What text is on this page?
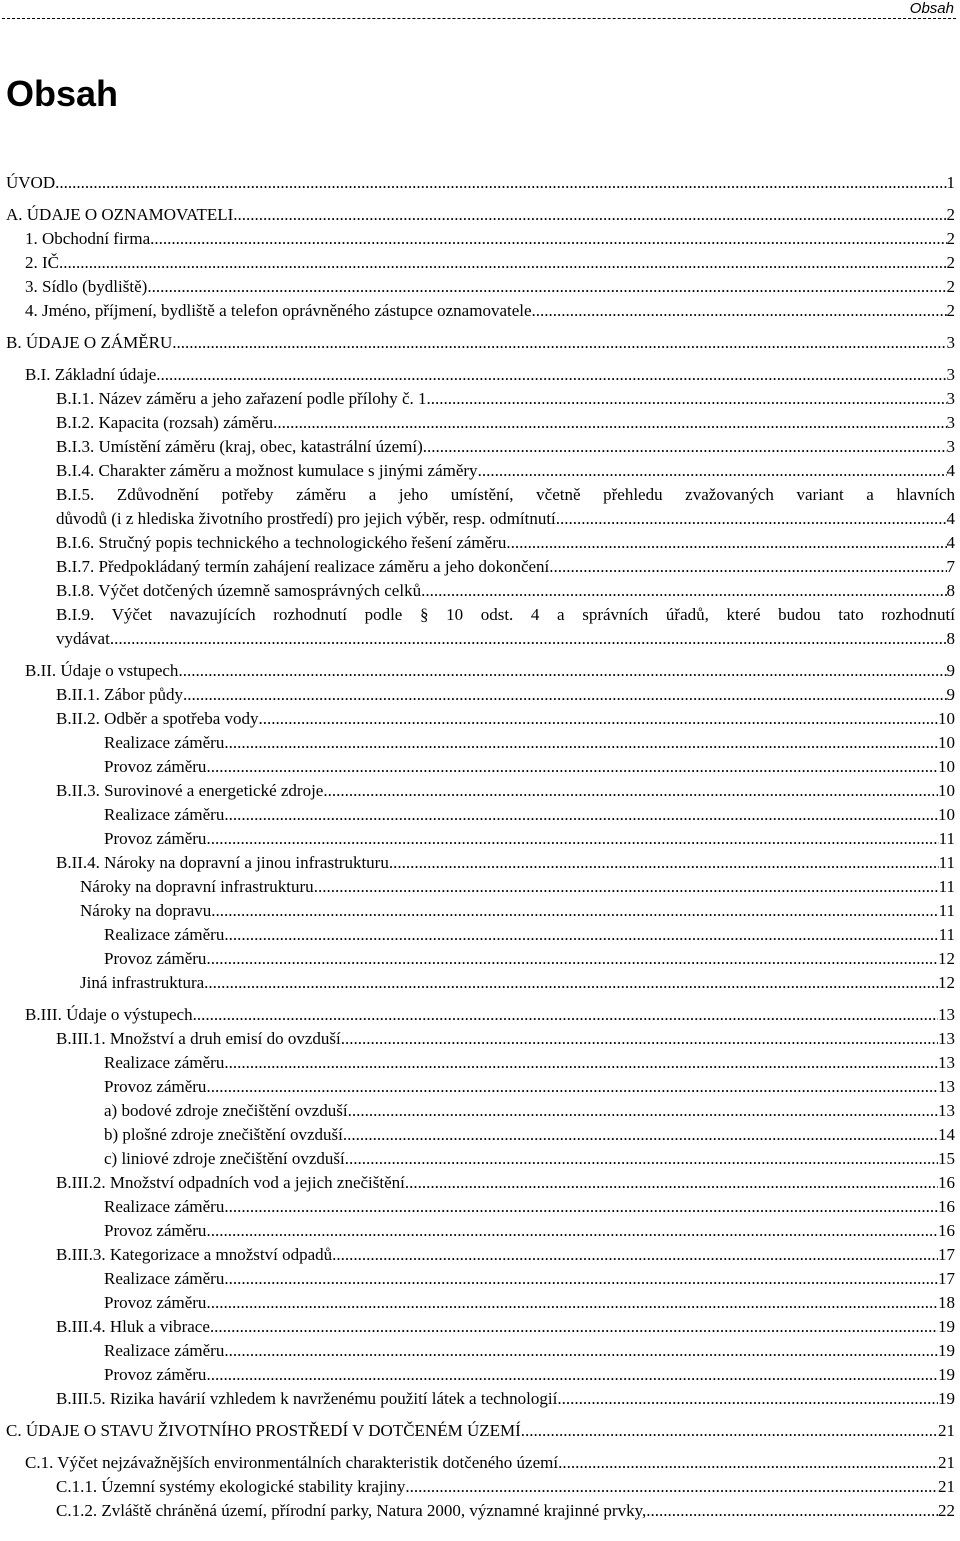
Obsah
Obsah
ÚVOD .....	1
A. ÚDAJE O OZNAMOVATELI .....	2
1. Obchodní firma .....	2
2. IČ .....	2
3. Sídlo (bydliště) .....	2
4. Jméno, příjmení, bydliště a telefon oprávněného zástupce oznamovatele .....	2
B. ÚDAJE O ZÁMĚRU .....	3
B.I. Základní údaje .....	3
B.I.1. Název záměru a jeho zařazení podle přílohy č. 1 .....	3
B.I.2. Kapacita (rozsah) záměru .....	3
B.I.3. Umístění záměru (kraj, obec, katastrální území) .....	3
B.I.4. Charakter záměru a možnost kumulace s jinými záměry .....	4
B.I.5. Zdůvodnění potřeby záměru a jeho umístění, včetně přehledu zvažovaných variant a hlavních
důvodů (i z hlediska životního prostředí) pro jejich výběr, resp. odmítnutí .....	4
B.I.6. Stručný popis technického a technologického řešení záměru .....	4
B.I.7. Předpokládaný termín zahájení realizace záměru a jeho dokončení .....	7
B.I.8. Výčet dotčených územně samosprávných celků .....	8
B.I.9. Výčet navazujících rozhodnutí podle § 10 odst. 4 a správních úřadů, které budou tato rozhodnutí
vydávat .....	8
B.II. Údaje o vstupech .....	9
B.II.1. Zábor půdy .....	9
B.II.2. Odběr a spotřeba vody .....	10
Realizace záměru .....	10
Provoz záměru .....	10
B.II.3. Surovinové a energetické zdroje .....	10
Realizace záměru .....	10
Provoz záměru .....	11
B.II.4. Nároky na dopravní a jinou infrastrukturu .....	11
Nároky na dopravní infrastrukturu .....	11
Nároky na dopravu .....	11
Realizace záměru .....	11
Provoz záměru .....	12
Jiná infrastruktura .....	12
B.III. Údaje o výstupech .....	13
B.III.1. Množství a druh emisí do ovzduší .....	13
Realizace záměru .....	13
Provoz záměru .....	13
a) bodové zdroje znečištění ovzduší .....	13
b) plošné zdroje znečištění ovzduší .....	14
c) liniové zdroje znečištění ovzduší .....	15
B.III.2. Množství odpadních vod a jejich znečištění .....	16
Realizace záměru .....	16
Provoz záměru .....	16
B.III.3. Kategorizace a množství odpadů .....	17
Realizace záměru .....	17
Provoz záměru .....	18
B.III.4. Hluk a vibrace .....	19
Realizace záměru .....	19
Provoz záměru .....	19
B.III.5. Rizika havárií vzhledem k navrženému použití látek a technologií .....	19
C. ÚDAJE O STAVU ŽIVOTNÍHO PROSTŘEDÍ V DOTČENÉM ÚZEMÍ .....	21
C.1. Výčet nejzávažnějších environmentálních charakteristik dotčeného území .....	21
C.1.1. Územní systémy ekologické stability krajiny .....	21
C.1.2. Zvláště chráněná území, přírodní parky, Natura 2000, významné krajinné prvky, .....	22
